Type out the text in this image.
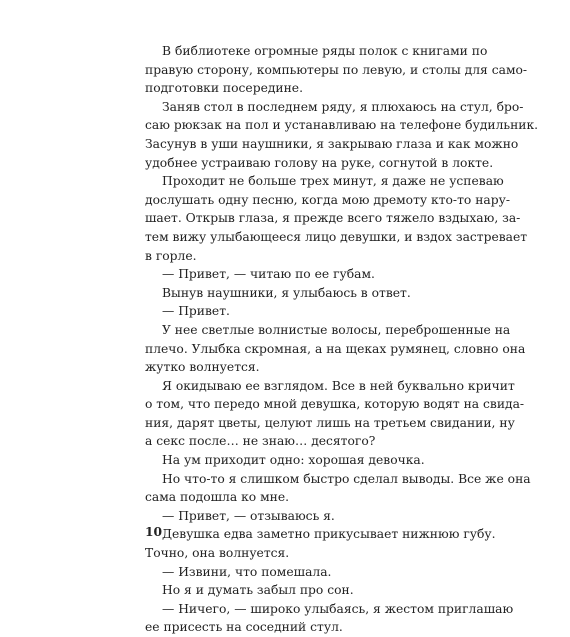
В библиотеке огромные ряды полок с книгами по
правую сторону, компьютеры по левую, и столы для само-
подготовки посередине.
Заняв стол в последнем ряду, я плюхаюсь на стул, бро-
саю рюкзак на пол и устанавливаю на телефоне будильник.
Засунув в уши наушники, я закрываю глаза и как можно
удобнее устраиваю голову на руке, согнутой в локте.
Проходит не больше трех минут, я даже не успеваю
дослушать одну песню, когда мою дремоту кто-то нару-
шает. Открыв глаза, я прежде всего тяжело вздыхаю, за-
тем вижу улыбающееся лицо девушки, и вздох застревает
в горле.
— Привет, — читаю по ее губам.
Вынув наушники, я улыбаюсь в ответ.
— Привет.
У нее светлые волнистые волосы, переброшенные на
плечо. Улыбка скромная, а на щеках румянец, словно она
жутко волнуется.
Я окидываю ее взглядом. Все в ней буквально кричит
о том, что передо мной девушка, которую водят на свида-
ния, дарят цветы, целуют лишь на третьем свидании, ну
а секс после… не знаю… десятого?
На ум приходит одно: хорошая девочка.
Но что-то я слишком быстро сделал выводы. Все же она
сама подошла ко мне.
— Привет, — отзываюсь я.
Девушка едва заметно прикусывает нижнюю губу.
Точно, она волнуется.
— Извини, что помешала.
Но я и думать забыл про сон.
— Ничего, — широко улыбаясь, я жестом приглашаю
ее присесть на соседний стул.
10
